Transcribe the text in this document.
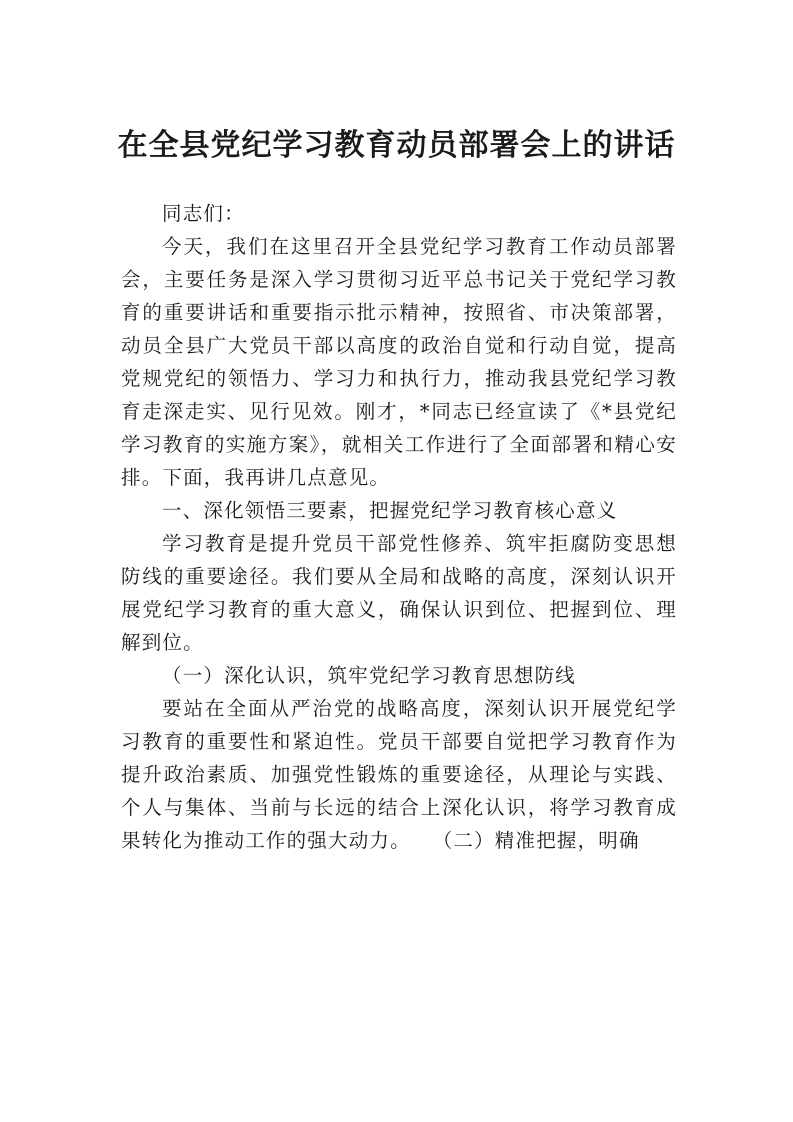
在全县党纪学习教育动员部署会上的讲话

同志们：

今天，我们在这里召开全县党纪学习教育工作动员部署会，主要任务是深入学习贯彻习近平总书记关于党纪学习教育的重要讲话和重要指示批示精神，按照省、市决策部署，动员全县广大党员干部以高度的政治自觉和行动自觉，提高党规党纪的领悟力、学习力和执行力，推动我县党纪学习教育走深走实、见行见效。刚才，*同志已经宣读了《*县党纪学习教育的实施方案》，就相关工作进行了全面部署和精心安排。下面，我再讲几点意见。

一、深化领悟三要素，把握党纪学习教育核心意义

学习教育是提升党员干部党性修养、筑牢拒腐防变思想防线的重要途径。我们要从全局和战略的高度，深刻认识开展党纪学习教育的重大意义，确保认识到位、把握到位、理解到位。

（一）深化认识，筑牢党纪学习教育思想防线

要站在全面从严治党的战略高度，深刻认识开展党纪学习教育的重要性和紧迫性。党员干部要自觉把学习教育作为提升政治素质、加强党性锻炼的重要途径，从理论与实践、个人与集体、当前与长远的结合上深化认识，将学习教育成果转化为推动工作的强大动力。　　（二）精准把握，明确
